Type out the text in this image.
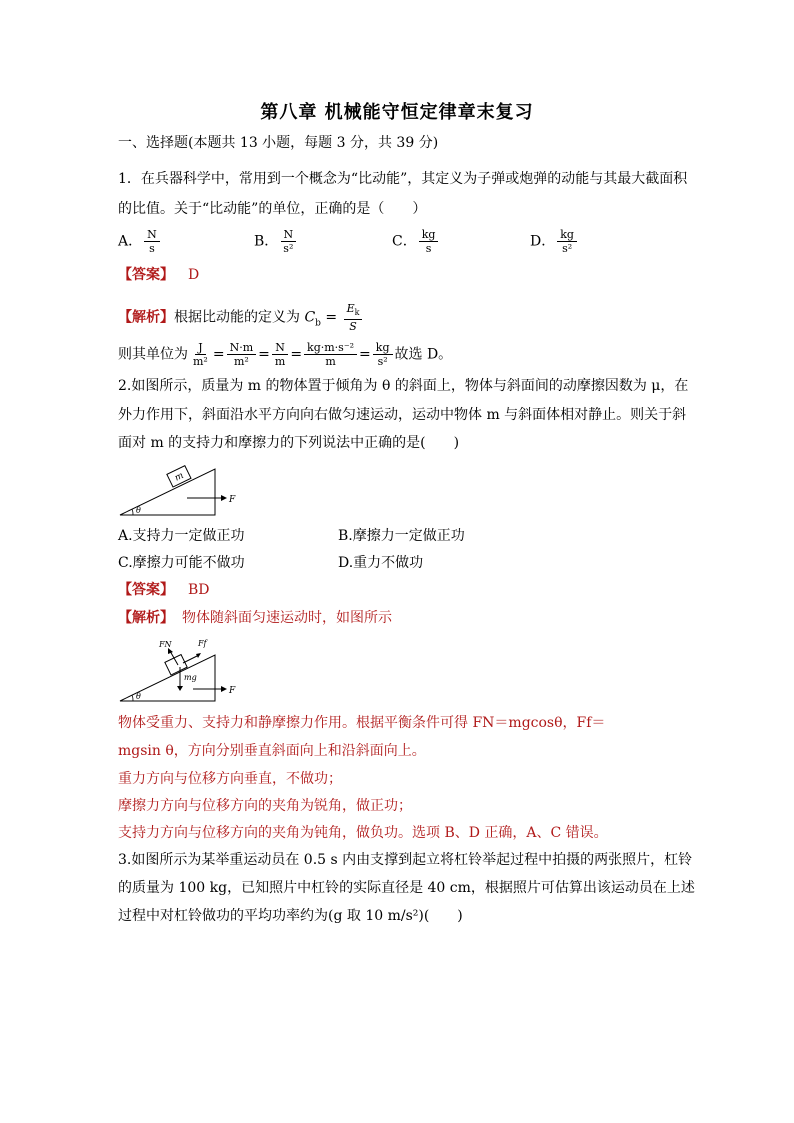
第八章 机械能守恒定律章末复习
一、选择题(本题共 13 小题，每题 3 分，共 39 分)
1．在兵器科学中，常用到一个概念为“比动能”，其定义为子弹或炮弹的动能与其最大截面积
的比值。关于“比动能”的单位，正确的是（　　）
A． $\frac{N}{s}$	B． $\frac{N}{\text{s²}}$	C． $\frac{kg}{s}$	D． $\frac{kg}{\text{s²}}$
【答案】 D
【解析】根据比动能的定义为 $C_b = \frac{E_k}{S}$
则其单位为 $\frac{J}{\text{m²}} = \frac{N\cdot m}{\text{m²}} = \frac{N}{m} = \frac{\text{kg·m·s⁻²}}{m} = \frac{kg}{\text{s²}}$ 故选 D。
2.如图所示，质量为 m 的物体置于倾角为 θ 的斜面上，物体与斜面间的动摩擦因数为 μ，在
外力作用下，斜面沿水平方向向右做匀速运动，运动中物体 m 与斜面体相对静止。则关于斜
面对 m 的支持力和摩擦力的下列说法中正确的是(　　)
m
F
θ
A.支持力一定做正功	B.摩擦力一定做正功
C.摩擦力可能不做功	D.重力不做功
【答案】 BD
【解析】 物体随斜面匀速运动时，如图所示
FN	Ff
mg
F
θ
物体受重力、支持力和静摩擦力作用。根据平衡条件可得 FN＝mgcosθ，Ff＝
mgsin θ，方向分别垂直斜面向上和沿斜面向上。
重力方向与位移方向垂直，不做功；
摩擦力方向与位移方向的夹角为锐角，做正功；
支持力方向与位移方向的夹角为钝角，做负功。选项 B、D 正确，A、C 错误。
3.如图所示为某举重运动员在 0.5 s 内由支撑到起立将杠铃举起过程中拍摄的两张照片，杠铃
的质量为 100 kg，已知照片中杠铃的实际直径是 40 cm，根据照片可估算出该运动员在上述
过程中对杠铃做功的平均功率约为(g 取 10 m/s²)(　　)
